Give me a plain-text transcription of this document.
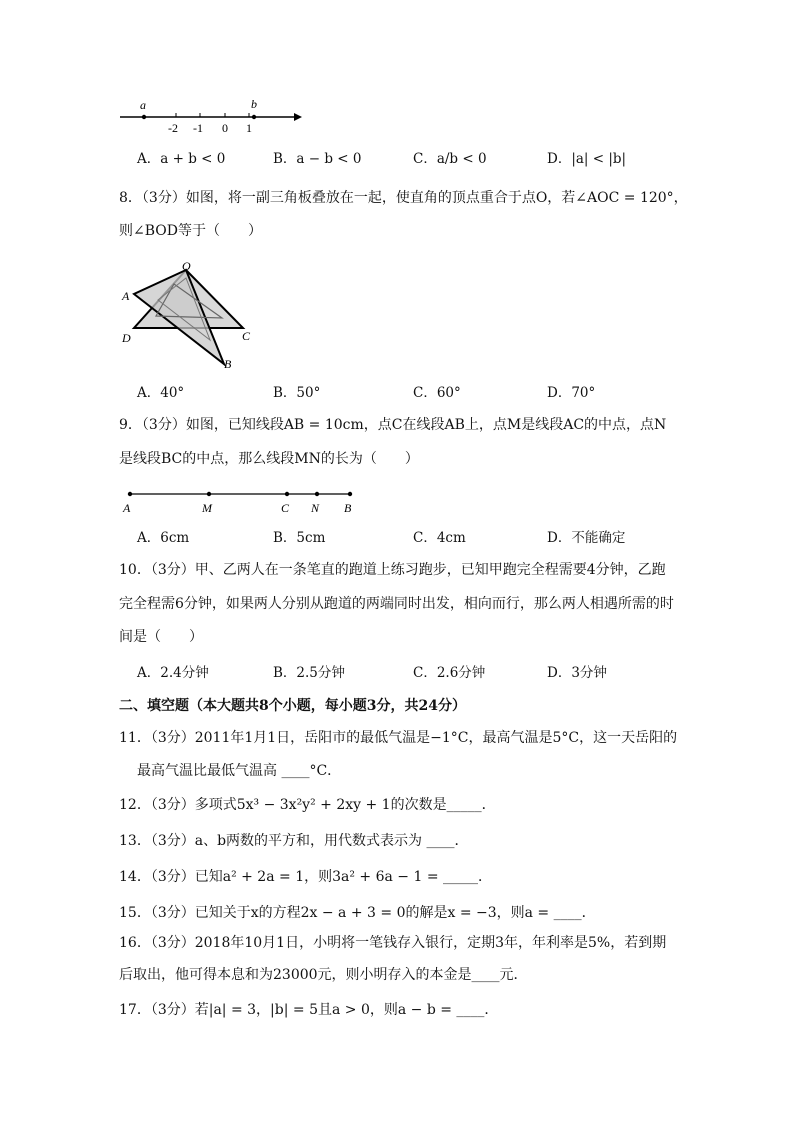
a	b
-2 -1 0 1
A．a + b < 0	B．a − b < 0	C．a/b < 0	D．|a| < |b|
8．（3分）如图，将一副三角板叠放在一起，使直角的顶点重合于点O，若∠AOC = 120°，
则∠BOD等于（　　）
O
A
C
D
B
A．40°	B．50°	C．60°	D．70°
9．（3分）如图，已知线段AB = 10cm，点C在线段AB上，点M是线段AC的中点，点N
是线段BC的中点，那么线段MN的长为（　　）
A	M	C N B
A．6cm	B．5cm	C．4cm	D．不能确定
10．（3分）甲、乙两人在一条笔直的跑道上练习跑步，已知甲跑完全程需要4分钟，乙跑
完全程需6分钟，如果两人分别从跑道的两端同时出发，相向而行，那么两人相遇所需的时
间是（　　）
A．2.4分钟	B．2.5分钟	C．2.6分钟	D．3分钟
二、填空题（本大题共8个小题，每小题3分，共24分）
11．（3分）2011年1月1日，岳阳市的最低气温是−1°C，最高气温是5°C，这一天岳阳的
最高气温比最低气温高 ____°C．
12．（3分）多项式5x³ − 3x²y² + 2xy + 1的次数是_____．
13．（3分）a、b两数的平方和，用代数式表示为 ____．
14．（3分）已知a² + 2a = 1，则3a² + 6a − 1 = _____．
15．（3分）已知关于x的方程2x − a + 3 = 0的解是x = −3，则a = ____．
16．（3分）2018年10月1日，小明将一笔钱存入银行，定期3年，年利率是5%，若到期
后取出，他可得本息和为23000元，则小明存入的本金是____元．
17．（3分）若|a| = 3，|b| = 5且a > 0，则a − b = ____．
